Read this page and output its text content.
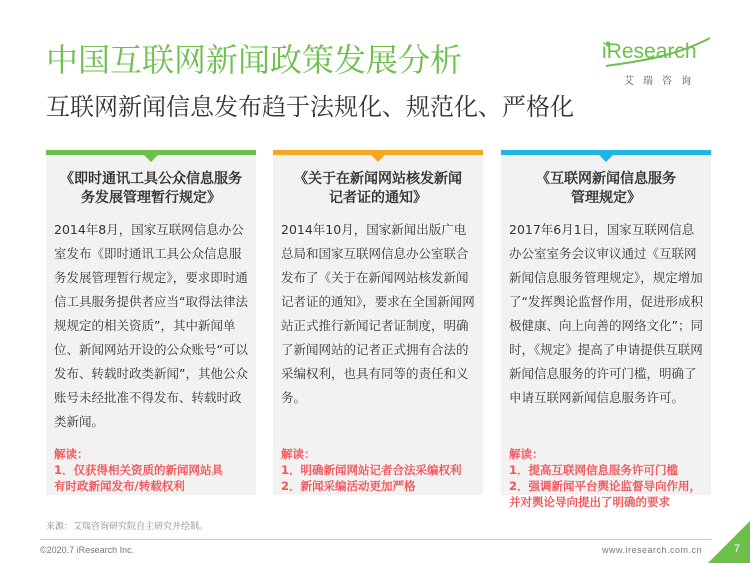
中国互联网新闻政策发展分析
互联网新闻信息发布趋于法规化、规范化、严格化
iResearch
艾瑞咨询
《即时通讯工具公众信息服务
务发展管理暂行规定》
2014年8月，国家互联网信息办公室发布《即时通讯工具公众信息服务发展管理暂行规定》，要求即时通信工具服务提供者应当“取得法律法规规定的相关资质”，其中新闻单位、新闻网站开设的公众账号“可以发布、转载时政类新闻”，其他公众账号未经批准不得发布、转载时政类新闻。
解读：
1．仅获得相关资质的新闻网站具
有时政新闻发布/转载权利
《关于在新闻网站核发新闻
记者证的通知》
2014年10月，国家新闻出版广电总局和国家互联网信息办公室联合发布了《关于在新闻网站核发新闻记者证的通知》，要求在全国新闻网站正式推行新闻记者证制度，明确了新闻网站的记者正式拥有合法的采编权利，也具有同等的责任和义务。
解读：
1．明确新闻网站记者合法采编权利
2．新闻采编活动更加严格
《互联网新闻信息服务
管理规定》
2017年6月1日，国家互联网信息办公室室务会议审议通过《互联网新闻信息服务管理规定》，规定增加了“发挥舆论监督作用，促进形成积极健康、向上向善的网络文化”；同时，《规定》提高了申请提供互联网新闻信息服务的许可门槛，明确了申请互联网新闻信息服务许可。
解读：
1．提高互联网信息服务许可门槛
2．强调新闻平台舆论监督导向作用，
并对舆论导向提出了明确的要求
来源：艾瑞咨询研究院自主研究并绘制。
©2020.7 iResearch Inc.	www.iresearch.com.cn	7
